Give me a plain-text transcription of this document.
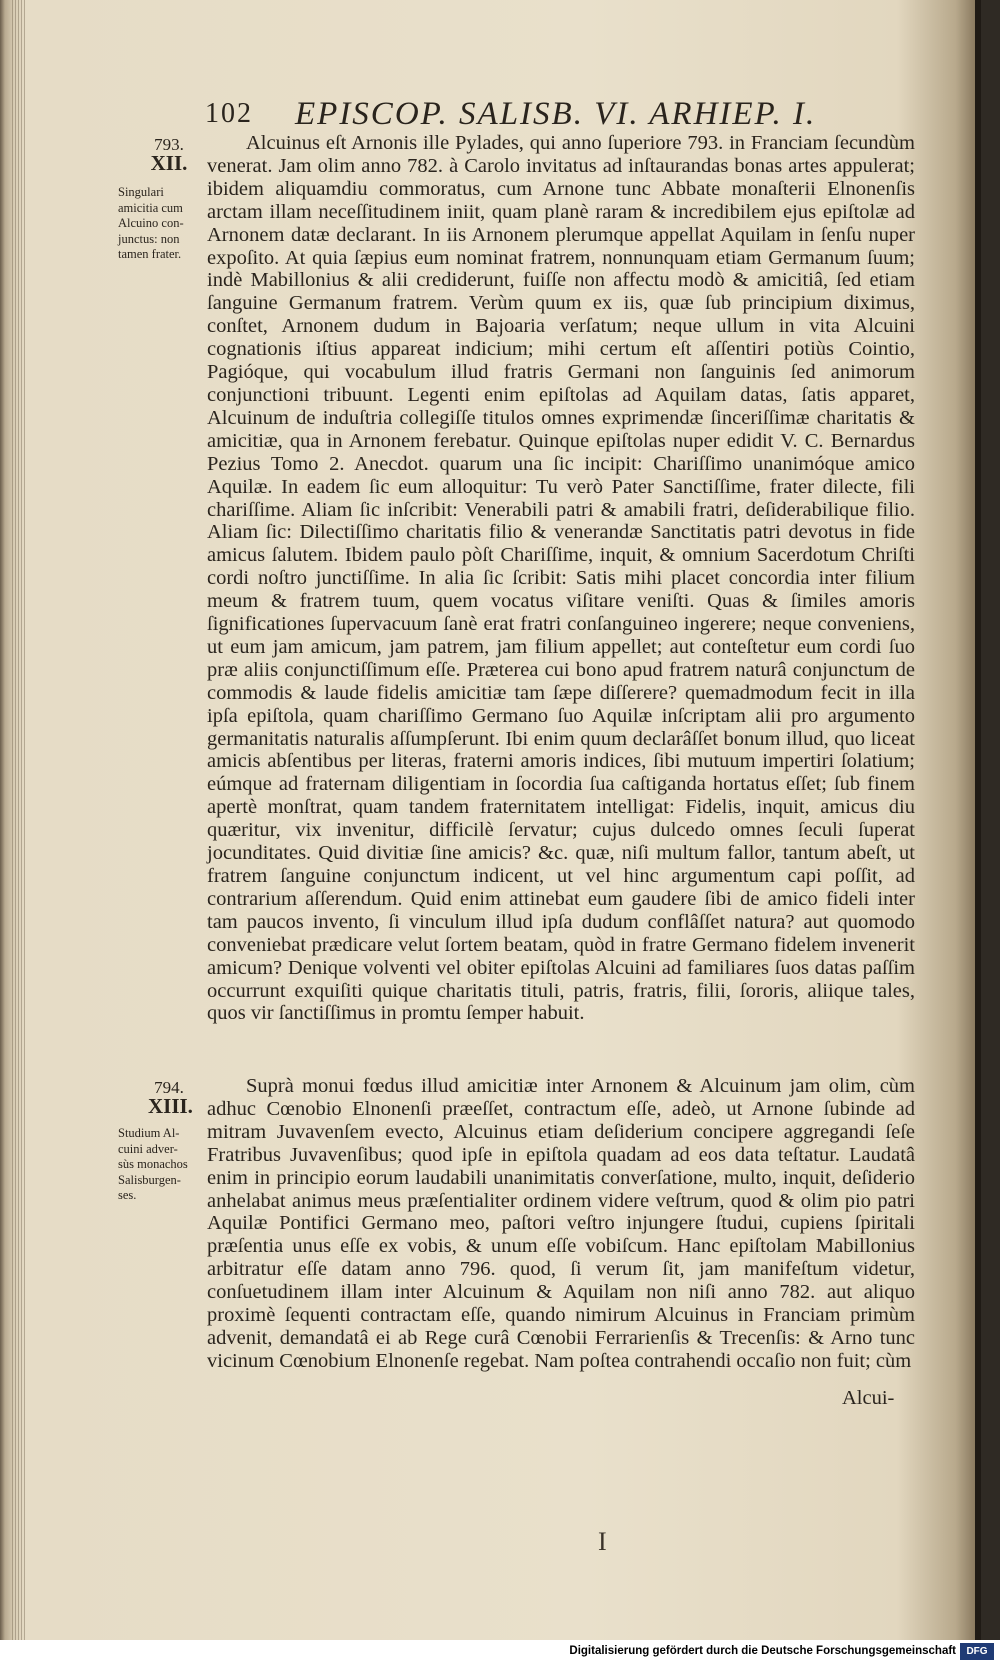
102 EPISCOP. SALISB. VI. ARHIEP. I.
793.
XII.
Singulari
amicitia cum
Alcuino con-
junctus: non
tamen frater.
794.
XIII.
Studium Al-
cuini adver-
sùs monachos
Salisburgen-
ses.

Alcuinus eſt Arnonis ille Pylades, qui anno ſuperiore 793. in Franciam ſecundùm venerat. Jam olim anno 782. à Carolo invitatus ad inſtaurandas bonas artes appulerat; ibidem aliquamdiu commoratus, cum Arnone tunc Abbate monaſterii Elnonenſis arctam illam neceſſitudinem iniit, quam planè raram & incredibilem ejus epiſtolæ ad Arnonem datæ declarant. In iis Arnonem plerumque appellat Aquilam in ſenſu nuper expoſito. At quia ſæpius eum nominat fratrem, nonnunquam etiam Germanum ſuum; indè Mabillonius & alii crediderunt, fuiſſe non affectu modò & amicitiâ, ſed etiam ſanguine Germanum fratrem. Verùm quum ex iis, quæ ſub principium diximus, conſtet, Arnonem dudum in Bajoaria verſatum; neque ullum in vita Alcuini cognationis iſtius appareat indicium; mihi certum eſt aſſentiri potiùs Cointio, Pagióque, qui vocabulum illud fratris Germani non ſanguinis ſed animorum conjunctioni tribuunt. Legenti enim epiſtolas ad Aquilam datas, ſatis apparet, Alcuinum de induſtria collegiſſe titulos omnes exprimendæ ſinceriſſimæ charitatis & amicitiæ, qua in Arnonem ferebatur. Quinque epiſtolas nuper edidit V. C. Bernardus Pezius Tomo 2. Anecdot. quarum una ſic incipit: Chariſſimo unanimóque amico Aquilæ. In eadem ſic eum alloquitur: Tu verò Pater Sanctiſſime, frater dilecte, fili chariſſime. Aliam ſic inſcribit: Venerabili patri & amabili fratri, deſiderabilique filio. Aliam ſic: Dilectiſſimo charitatis filio & venerandæ Sanctitatis patri devotus in fide amicus ſalutem. Ibidem paulo pòſt Chariſſime, inquit, & omnium Sacerdotum Chriſti cordi noſtro junctiſſime. In alia ſic ſcribit: Satis mihi placet concordia inter filium meum & fratrem tuum, quem vocatus viſitare veniſti. Quas & ſimiles amoris ſignificationes ſupervacuum ſanè erat fratri conſanguineo ingerere; neque conveniens, ut eum jam amicum, jam patrem, jam filium appellet; aut conteſtetur eum cordi ſuo præ aliis conjunctiſſimum eſſe. Præterea cui bono apud fratrem naturâ conjunctum de commodis & laude fidelis amicitiæ tam ſæpe diſſerere? quemadmodum fecit in illa ipſa epiſtola, quam chariſſimo Germano ſuo Aquilæ inſcriptam alii pro argumento germanitatis naturalis aſſumpſerunt. Ibi enim quum declarâſſet bonum illud, quo liceat amicis abſentibus per literas, fraterni amoris indices, ſibi mutuum impertiri ſolatium; eúmque ad fraternam diligentiam in ſocordia ſua caſtiganda hortatus eſſet; ſub finem apertè monſtrat, quam tandem fraternitatem intelligat: Fidelis, inquit, amicus diu quæritur, vix invenitur, difficilè ſervatur; cujus dulcedo omnes ſeculi ſuperat jocunditates. Quid divitiæ ſine amicis? &c. quæ, niſi multum fallor, tantum abeſt, ut fratrem ſanguine conjunctum indicent, ut vel hinc argumentum capi poſſit, ad contrarium aſſerendum. Quid enim attinebat eum gaudere ſibi de amico fideli inter tam paucos invento, ſi vinculum illud ipſa dudum conflâſſet natura? aut quomodo conveniebat prædicare velut ſortem beatam, quòd in fratre Germano fidelem invenerit amicum? Denique volventi vel obiter epiſtolas Alcuini ad familiares ſuos datas paſſim occurrunt exquiſiti quique charitatis tituli, patris, fratris, filii, ſororis, aliique tales, quos vir ſanctiſſimus in promtu ſemper habuit.

Suprà monui fœdus illud amicitiæ inter Arnonem & Alcuinum jam olim, cùm adhuc Cœnobio Elnonenſi præeſſet, contractum eſſe, adeò, ut Arnone ſubinde ad mitram Juvavenſem evecto, Alcuinus etiam deſiderium concipere aggregandi ſeſe Fratribus Juvavenſibus; quod ipſe in epiſtola quadam ad eos data teſtatur. Laudatâ enim in principio eorum laudabili unanimitatis converſatione, multo, inquit, deſiderio anhelabat animus meus præſentialiter ordinem videre veſtrum, quod & olim pio patri Aquilæ Pontifici Germano meo, paſtori veſtro injungere ſtudui, cupiens ſpiritali præſentia unus eſſe ex vobis, & unum eſſe vobiſcum. Hanc epiſtolam Mabillonius arbitratur eſſe datam anno 796. quod, ſi verum ſit, jam manifeſtum videtur, conſuetudinem illam inter Alcuinum & Aquilam non niſi anno 782. aut aliquo proximè ſequenti contractam eſſe, quando nimirum Alcuinus in Franciam primùm advenit, demandatâ ei ab Rege curâ Cœnobii Ferrarienſis & Trecenſis: & Arno tunc vicinum Cœnobium Elnonenſe regebat. Nam poſtea contrahendi occaſio non fuit; cùm

Alcui-
I
Digitalisierung gefördert durch die Deutsche Forschungsgemeinschaft	DFG
